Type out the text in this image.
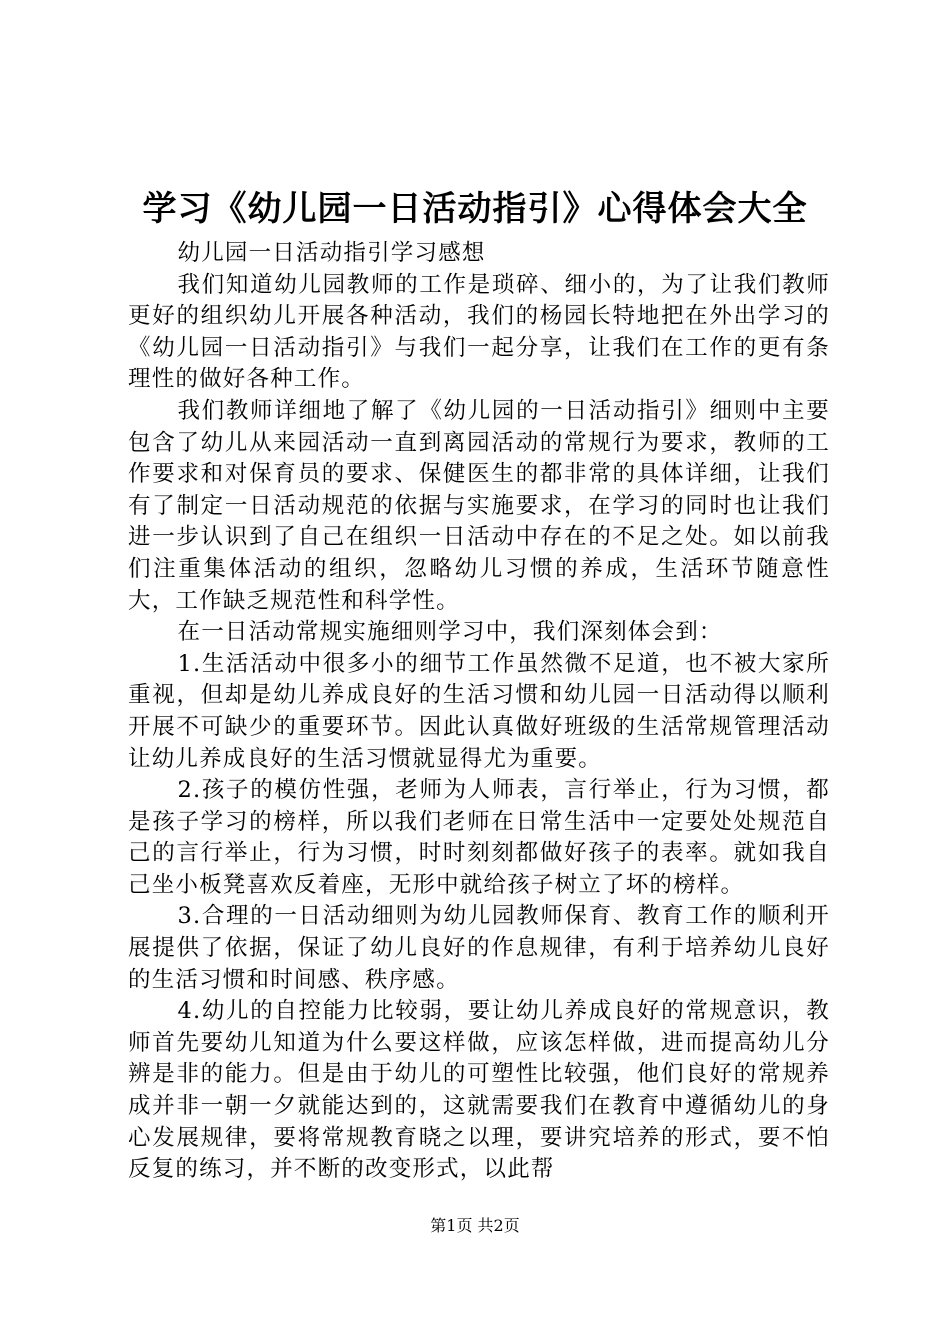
学习《幼儿园一日活动指引》心得体会大全

幼儿园一日活动指引学习感想

我们知道幼儿园教师的工作是琐碎、细小的，为了让我们教师更好的组织幼儿开展各种活动，我们的杨园长特地把在外出学习的《幼儿园一日活动指引》与我们一起分享，让我们在工作的更有条理性的做好各种工作。

我们教师详细地了解了《幼儿园的一日活动指引》细则中主要包含了幼儿从来园活动一直到离园活动的常规行为要求，教师的工作要求和对保育员的要求、保健医生的都非常的具体详细，让我们有了制定一日活动规范的依据与实施要求，在学习的同时也让我们进一步认识到了自己在组织一日活动中存在的不足之处。如以前我们注重集体活动的组织，忽略幼儿习惯的养成，生活环节随意性大，工作缺乏规范性和科学性。

在一日活动常规实施细则学习中，我们深刻体会到：

1.生活活动中很多小的细节工作虽然微不足道，也不被大家所重视，但却是幼儿养成良好的生活习惯和幼儿园一日活动得以顺利开展不可缺少的重要环节。因此认真做好班级的生活常规管理活动让幼儿养成良好的生活习惯就显得尤为重要。

2.孩子的模仿性强，老师为人师表，言行举止，行为习惯，都是孩子学习的榜样，所以我们老师在日常生活中一定要处处规范自己的言行举止，行为习惯，时时刻刻都做好孩子的表率。就如我自己坐小板凳喜欢反着座，无形中就给孩子树立了坏的榜样。

3.合理的一日活动细则为幼儿园教师保育、教育工作的顺利开展提供了依据，保证了幼儿良好的作息规律，有利于培养幼儿良好的生活习惯和时间感、秩序感。

4.幼儿的自控能力比较弱，要让幼儿养成良好的常规意识，教师首先要幼儿知道为什么要这样做，应该怎样做，进而提高幼儿分辨是非的能力。但是由于幼儿的可塑性比较强，他们良好的常规养成并非一朝一夕就能达到的，这就需要我们在教育中遵循幼儿的身心发展规律，要将常规教育晓之以理，要讲究培养的形式，要不怕反复的练习，并不断的改变形式，以此帮

第1页 共2页
